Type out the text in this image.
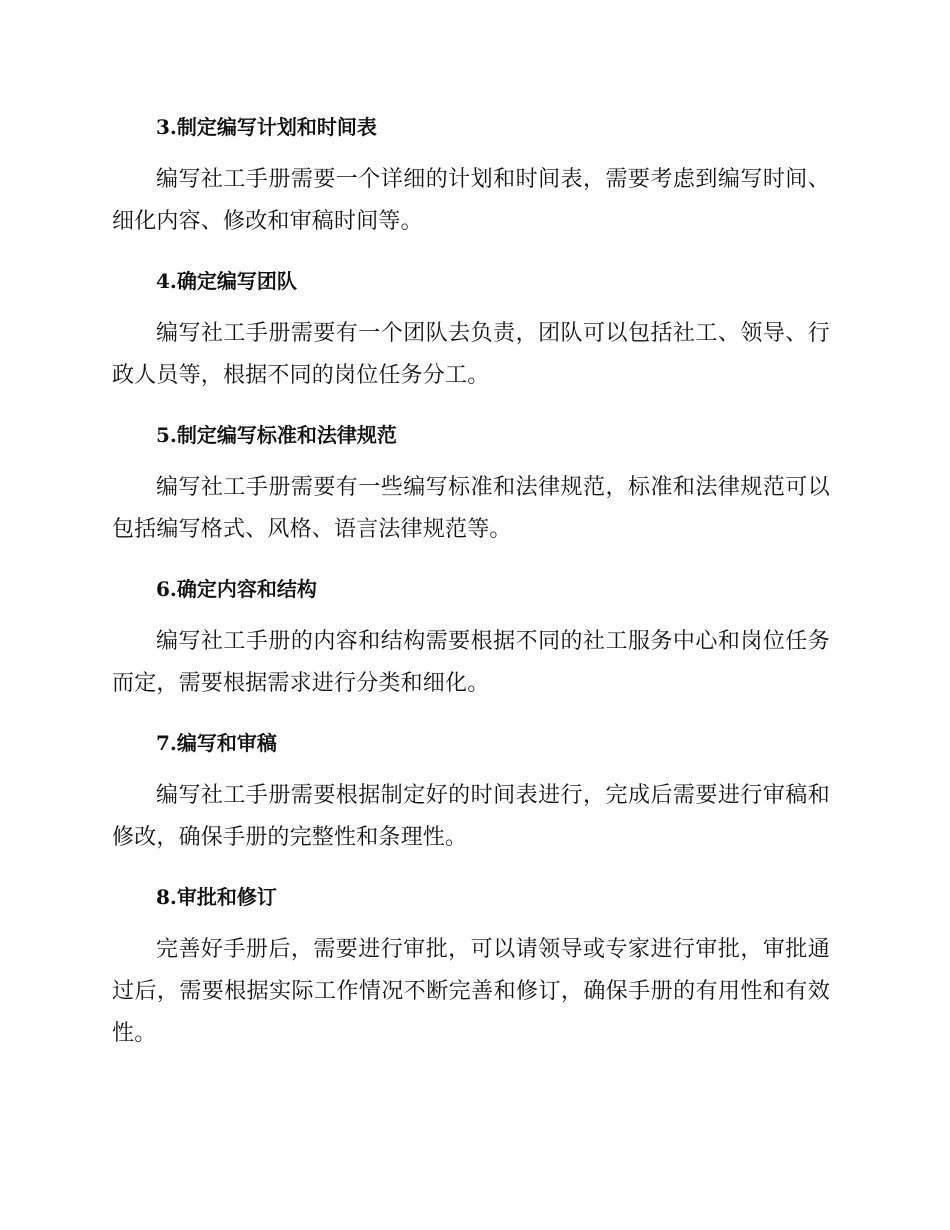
3.制定编写计划和时间表

编写社工手册需要一个详细的计划和时间表，需要考虑到编写时间、细化内容、修改和审稿时间等。

4.确定编写团队

编写社工手册需要有一个团队去负责，团队可以包括社工、领导、行政人员等，根据不同的岗位任务分工。

5.制定编写标准和法律规范

编写社工手册需要有一些编写标准和法律规范，标准和法律规范可以包括编写格式、风格、语言法律规范等。

6.确定内容和结构

编写社工手册的内容和结构需要根据不同的社工服务中心和岗位任务而定，需要根据需求进行分类和细化。

7.编写和审稿

编写社工手册需要根据制定好的时间表进行，完成后需要进行审稿和修改，确保手册的完整性和条理性。

8.审批和修订

完善好手册后，需要进行审批，可以请领导或专家进行审批，审批通过后，需要根据实际工作情况不断完善和修订，确保手册的有用性和有效性。
